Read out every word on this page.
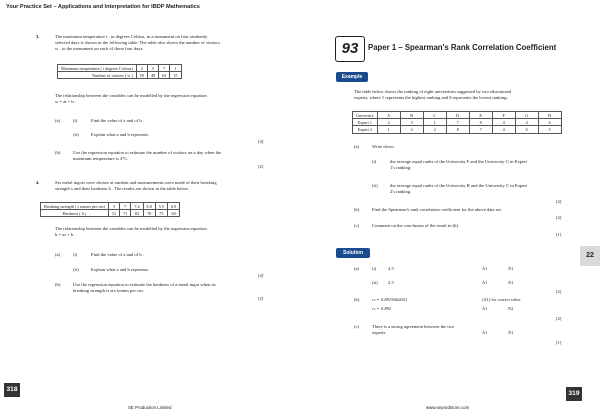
Your Practice Set – Applications and Interpretation for IBDP Mathematics
3.	The maximum temperature t , in degrees Celsius, in a monument on four randomly
selected days is shown in the following table. The table also shows the number of visitors,
w , to the monument on each of those four days.
Maximum temperature ( t degrees Celsius)	2	5	7	1
Number of visitors ( w )	50	48	63	15
The relationship between the variables can be modelled by the regression equation
w = at + b .
(a)	(i)	Find the value of a and of b .
(ii)	Explain what a and b represent.
[4]
(b)	Use the regression equation to estimate the number of visitors on a day when the
maximum temperature is 4°C.
[2]
4.	Six metal ingots were chosen at random and measurements were made of their breaking
strength s and their hardness h . The results are shown in the table below.
Breaking strength ( s tonnes per cm)	5	7	7.4	6.8	5.5	6.9
Hardness ( h )	51	71	83	70	75	60
The relationship between the variables can be modelled by the regression equation
h = as + b .
(a)	(i)	Find the value of a and of b .
(ii)	Explain what a and b represent.
[4]
(b)	Use the regression equation to estimate the hardness of a metal ingot when its
breaking strength is six tonnes per cm.
[2]
318
SE Production Limited
93	Paper 1 – Spearman's Rank Correlation Coefficient
Example
The table below shows the ranking of eight universities suggested by two educational
experts, where 1 represents the highest ranking and 8 represents the lowest ranking:
University	A	B	C	D	E	F	G	H
Expert 1	2	3	1	7	8	4	4	6
Expert 2	1	2	2	8	7	4	6	5
(a)	Write down
(i)	the average equal ranks of the University F and the University G in Expert
1's ranking;
(ii)	the average equal ranks of the University B and the University C in Expert
2's ranking.
[2]
(b)	Find the Spearman's rank correlation coefficient for the above data set.
[2]
(c)	Comment on the conclusion of the result in (b).
[1]
Solution
(a)	(i)	4.5	A1	N1
(ii) 2.5	A1	N1
[2]
(b)	rₛ = 0.8915662651	(A1) for correct value
rₛ = 0.892	A1	N2
[2]
(c)	There is a strong agreement between the two
experts.	A1	N1
[1]
22
319
www.seprodstore.com
